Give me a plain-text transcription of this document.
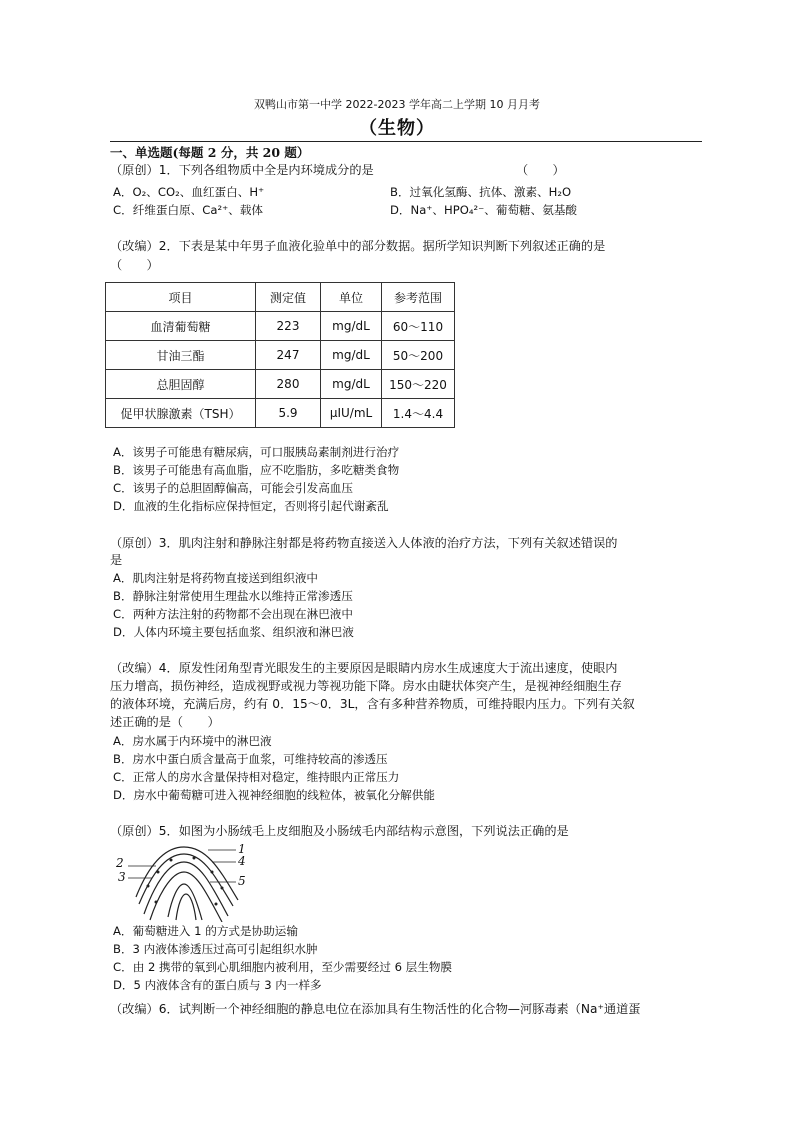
双鸭山市第一中学 2022-2023 学年高二上学期 10 月月考
（生物）
一、单选题(每题 2 分，共 20 题）
（原创）1．下列各组物质中全是内环境成分的是	（　　）
A．O₂、CO₂、血红蛋白、H⁺	B．过氧化氢酶、抗体、激素、H₂O
C．纤维蛋白原、Ca²⁺、载体	D．Na⁺、HPO₄²⁻、葡萄糖、氨基酸
（改编）2．下表是某中年男子血液化验单中的部分数据。据所学知识判断下列叙述正确的是
（　　）
项目	测定值	单位	参考范围
血清葡萄糖	223	mg/dL	60～110
甘油三酯	247	mg/dL	50～200
总胆固醇	280	mg/dL	150～220
促甲状腺激素（TSH）	5.9	μIU/mL	1.4～4.4
A．该男子可能患有糖尿病，可口服胰岛素制剂进行治疗
B．该男子可能患有高血脂，应不吃脂肪，多吃糖类食物
C．该男子的总胆固醇偏高，可能会引发高血压
D．血液的生化指标应保持恒定，否则将引起代谢紊乱
（原创）3．肌肉注射和静脉注射都是将药物直接送入人体液的治疗方法，下列有关叙述错误的
是
A．肌肉注射是将药物直接送到组织液中
B．静脉注射常使用生理盐水以维持正常渗透压
C．两种方法注射的药物都不会出现在淋巴液中
D．人体内环境主要包括血浆、组织液和淋巴液
（改编）4．原发性闭角型青光眼发生的主要原因是眼睛内房水生成速度大于流出速度，使眼内
压力增高，损伤神经，造成视野或视力等视功能下降。房水由睫状体突产生，是视神经细胞生存
的液体环境，充满后房，约有 0．15～0．3L，含有多种营养物质，可维持眼内压力。下列有关叙
述正确的是（　　）
A．房水属于内环境中的淋巴液
B．房水中蛋白质含量高于血浆，可维持较高的渗透压
C．正常人的房水含量保持相对稳定，维持眼内正常压力
D．房水中葡萄糖可进入视神经细胞的线粒体，被氧化分解供能
（原创）5．如图为小肠绒毛上皮细胞及小肠绒毛内部结构示意图，下列说法正确的是
2
3
1
4
5
A．葡萄糖进入 1 的方式是协助运输
B．3 内液体渗透压过高可引起组织水肿
C．由 2 携带的氧到心肌细胞内被利用，至少需要经过 6 层生物膜
D．5 内液体含有的蛋白质与 3 内一样多
（改编）6．试判断一个神经细胞的静息电位在添加具有生物活性的化合物—河豚毒素（Na⁺通道蛋
